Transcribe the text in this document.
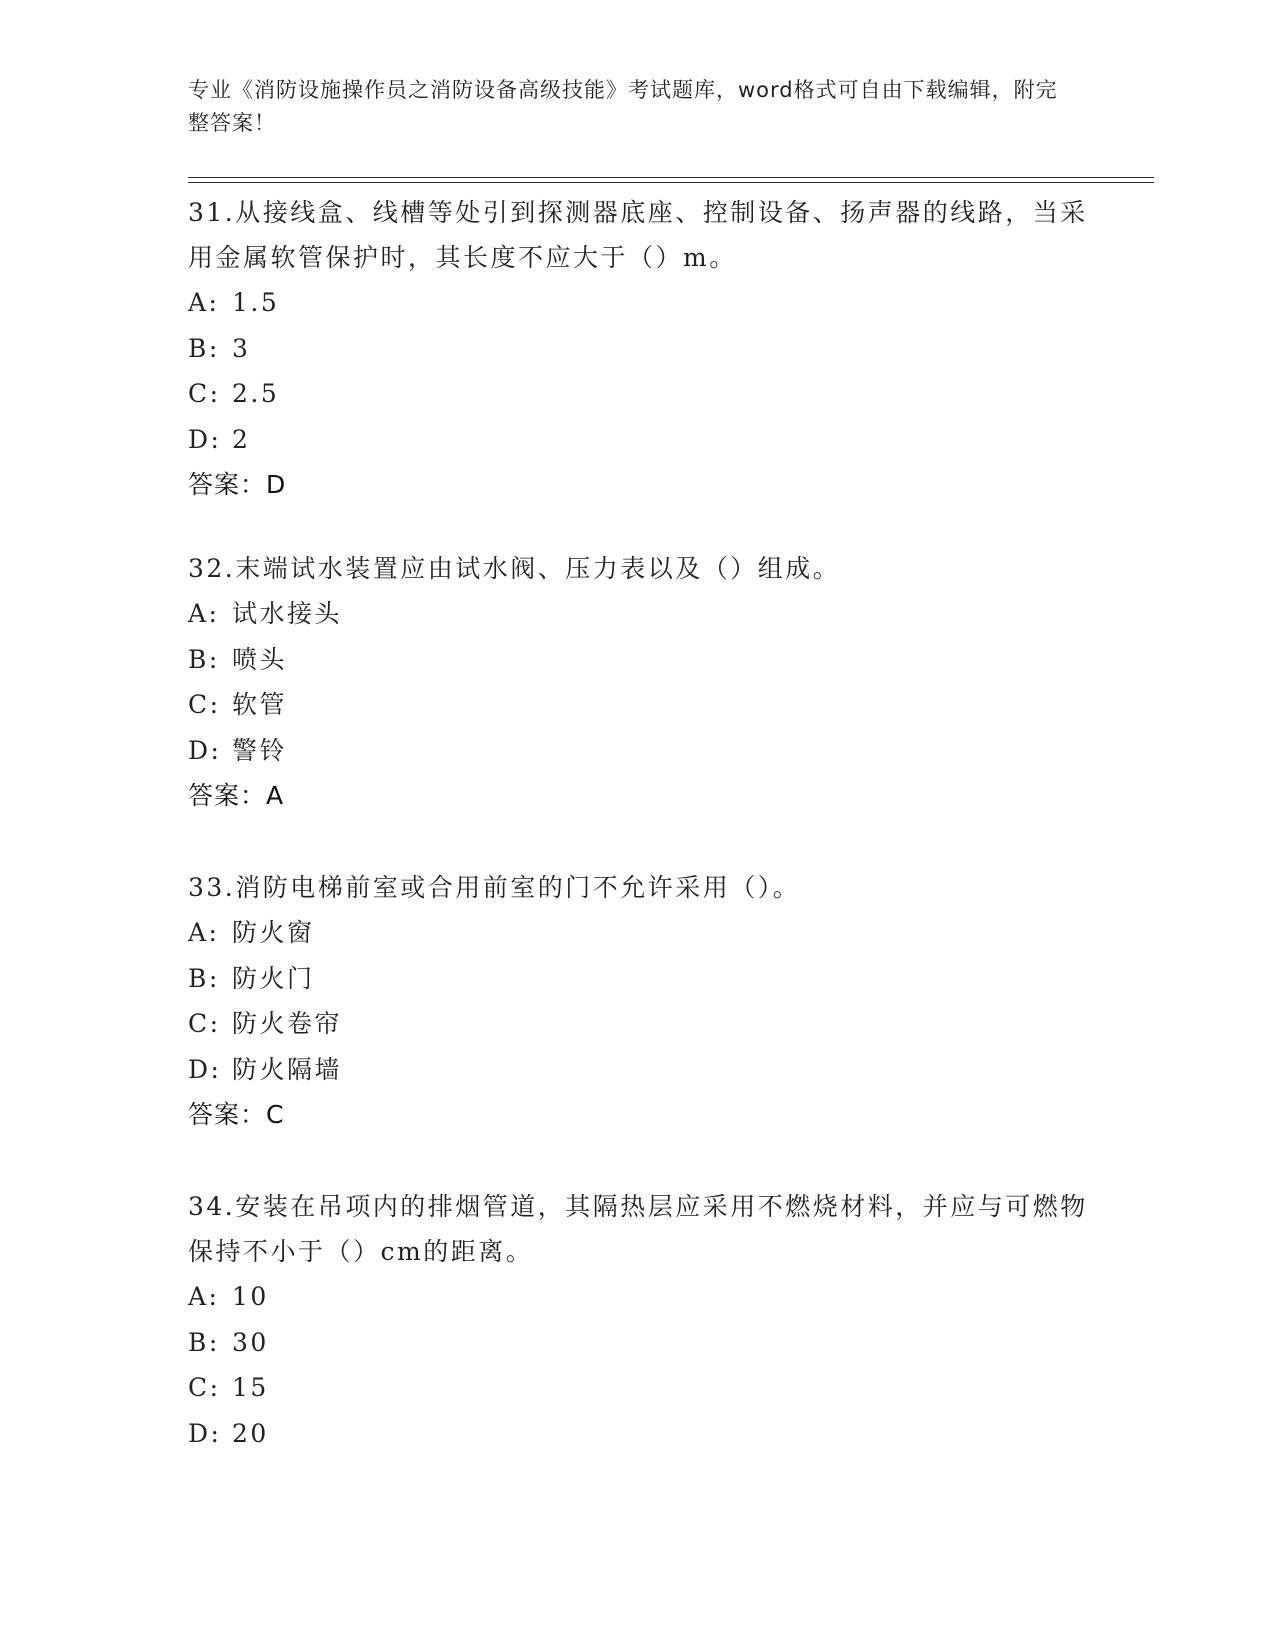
专业《消防设施操作员之消防设备高级技能》考试题库，word格式可自由下载编辑，附完整答案！

31.从接线盒、线槽等处引到探测器底座、控制设备、扬声器的线路，当采用金属软管保护时，其长度不应大于（）m。

A: 1.5
B: 3
C: 2.5
D: 2
答案：D

32.末端试水装置应由试水阀、压力表以及（）组成。

A: 试水接头
B: 喷头
C: 软管
D: 警铃
答案：A

33.消防电梯前室或合用前室的门不允许采用（）。

A: 防火窗
B: 防火门
C: 防火卷帘
D: 防火隔墙
答案：C

34.安装在吊项内的排烟管道，其隔热层应采用不燃烧材料，并应与可燃物保持不小于（）cm的距离。

A: 10
B: 30
C: 15
D: 20
